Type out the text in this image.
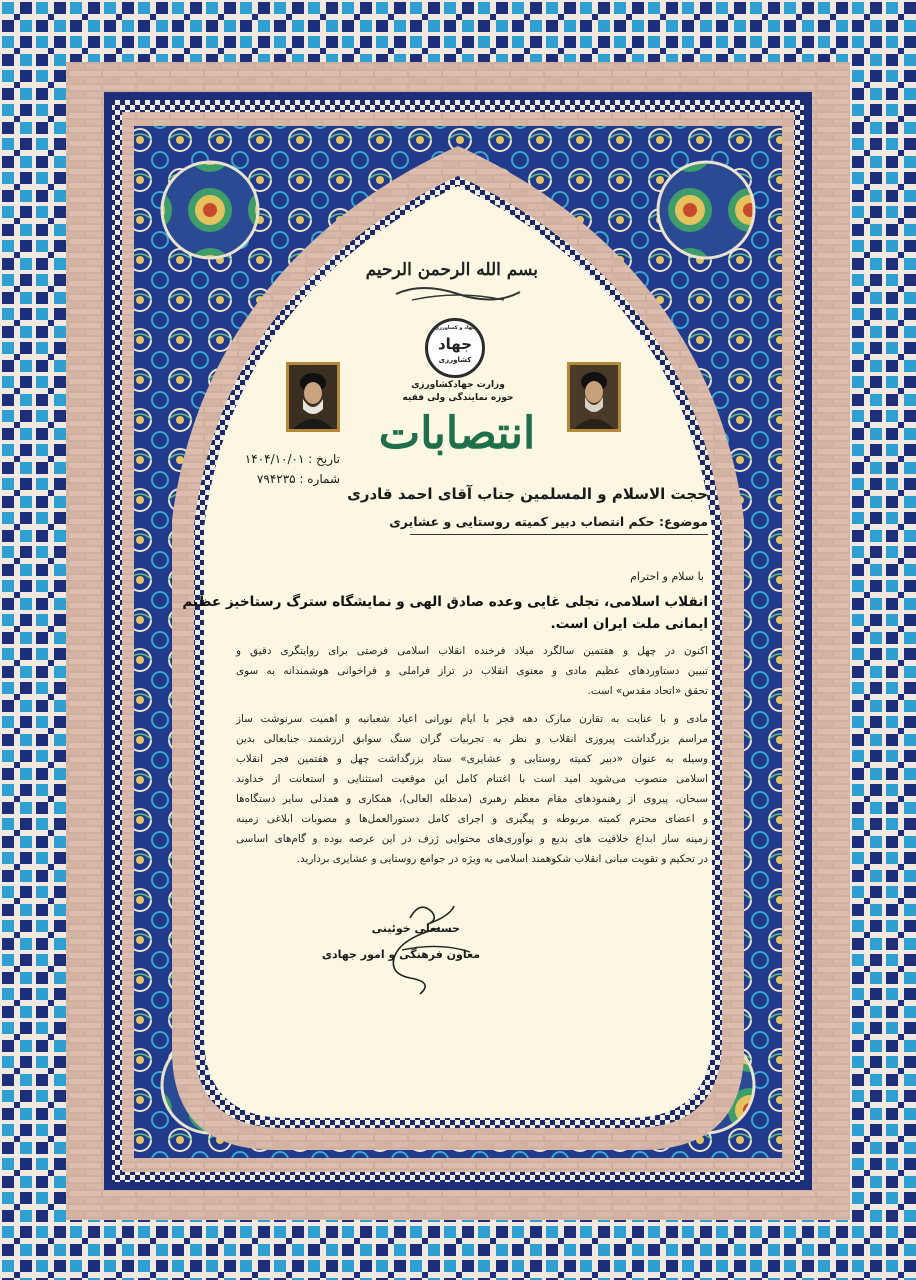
بسم الله الرحمن الرحیم
جهاد و کشاورزی
جهاد
کشاورزی
وزارت جهادکشاورزی
حوزه نمایندگی ولی فقیه
انتصابات
تاریخ : ۱۴۰۴/۱۰/۰۱
شماره : ۷۹۴۲۳۵
حجت الاسلام و المسلمین جناب آقای احمد قادری
موضوع: حکم انتصاب دبیر کمیته روستایی و عشایری
با سلام و احترام
انقلاب اسلامی، تجلی غایی وعده صادق الهی و نمایشگاه سترگ رستاخیز عظیم
ایمانی ملت ایران است.
اکنون در چهل و هفتمین سالگرد میلاد فرخنده انقلاب اسلامی فرصتی برای روایتگری دقیق و
تبیین دستاوردهای عظیم مادی و معنوی انقلاب در تراز فراملی و فراخوانی هوشمندانه به سوی
تحقق «اتحاد مقدس» است.
مادی و با عنایت به تقارن مبارک دهه فجر با ایام نورانی اعیاد شعبانیه و اهمیت سرنوشت ساز
مراسم بزرگداشت پیروزی انقلاب و نظر به تجربیات گران سنگ سوابق ارزشمند جنابعالی بدین
وسیله به عنوان «دبیر کمیته روستایی و عشایری» ستاد بزرگداشت چهل و هفتمین فجر انقلاب
اسلامی منصوب می‌شوید امید است با اغتنام کامل این موقعیت استثنایی و استعانت از خداوند
سبحان، پیروی از رهنمودهای مقام معظم رهبری (مدظله العالی)، همکاری و همدلی سایر دستگاه‌ها
و اعضای محترم کمیته مربوطه و پیگیری و اجرای کامل دستورالعمل‌ها و مصوبات ابلاغی زمینه
زمینه ساز ابداع خلاقیت های بدیع و نوآوری‌های محتوایی ژرف در این عرصه بوده و گام‌های اساسی
در تحکیم و تقویت مبانی انقلاب شکوهمند اسلامی به ویژه در جوامع روستایی و عشایری بردارید.
حسنعلی خوئینی
معاون فرهنگی و امور جهادی
